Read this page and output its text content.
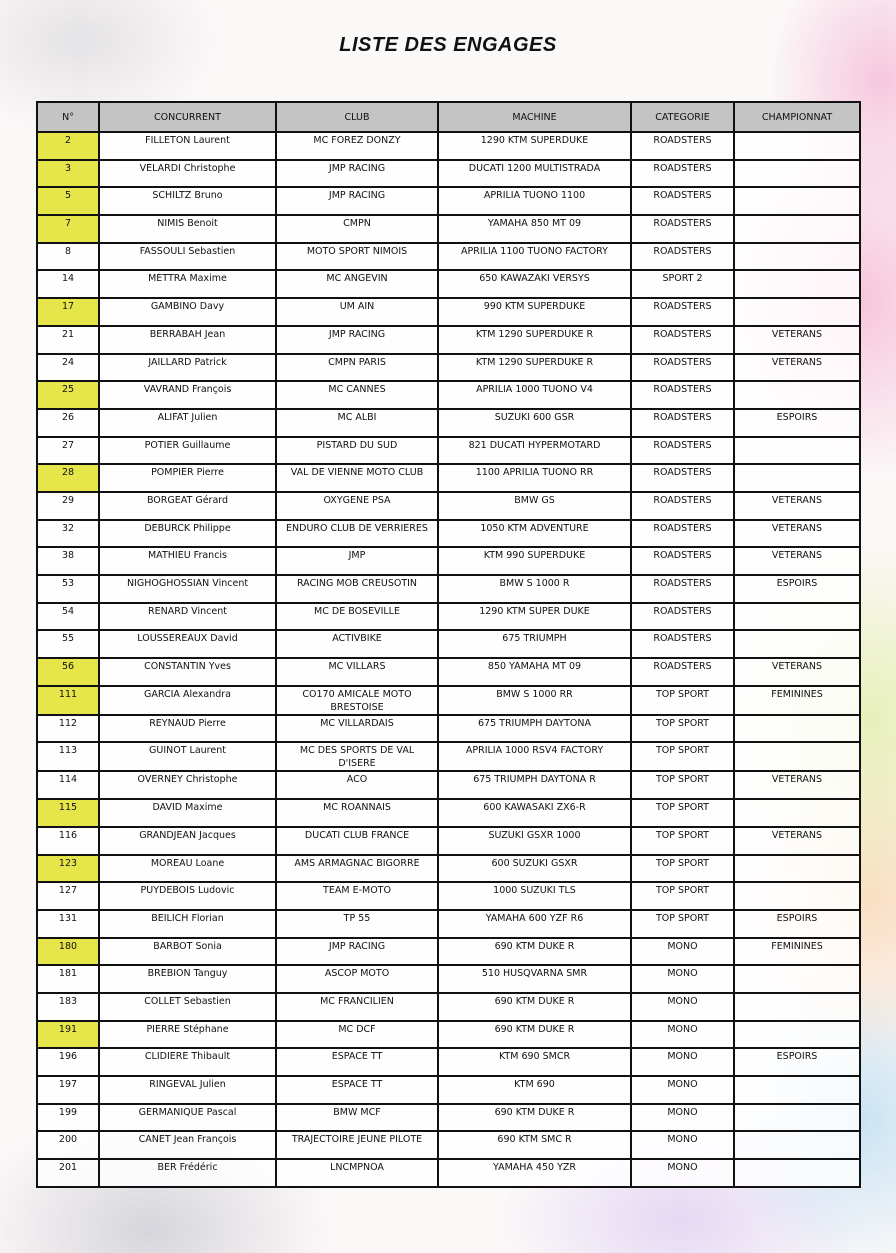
LISTE DES ENGAGES
N°	CONCURRENT	CLUB	MACHINE	CATEGORIE	CHAMPIONNAT
2	FILLETON Laurent	MC FOREZ DONZY	1290 KTM SUPERDUKE	ROADSTERS	
3	VELARDI Christophe	JMP RACING	DUCATI 1200 MULTISTRADA	ROADSTERS	
5	SCHILTZ Bruno	JMP RACING	APRILIA TUONO 1100	ROADSTERS	
7	NIMIS Benoit	CMPN	YAMAHA 850 MT 09	ROADSTERS	
8	FASSOULI Sebastien	MOTO SPORT NIMOIS	APRILIA 1100 TUONO FACTORY	ROADSTERS	
14	METTRA Maxime	MC ANGEVIN	650 KAWAZAKI VERSYS	SPORT 2	
17	GAMBINO Davy	UM AIN	990 KTM SUPERDUKE	ROADSTERS	
21	BERRABAH Jean	JMP RACING	KTM 1290 SUPERDUKE R	ROADSTERS	VETERANS
24	JAILLARD Patrick	CMPN PARIS	KTM 1290 SUPERDUKE R	ROADSTERS	VETERANS
25	VAVRAND François	MC CANNES	APRILIA 1000 TUONO V4	ROADSTERS	
26	ALIFAT Julien	MC ALBI	SUZUKI 600 GSR	ROADSTERS	ESPOIRS
27	POTIER Guillaume	PISTARD DU SUD	821 DUCATI HYPERMOTARD	ROADSTERS	
28	POMPIER Pierre	VAL DE VIENNE MOTO CLUB	1100 APRILIA TUONO RR	ROADSTERS	
29	BORGEAT Gérard	OXYGENE PSA	BMW GS	ROADSTERS	VETERANS
32	DEBURCK Philippe	ENDURO CLUB DE VERRIERES	1050 KTM ADVENTURE	ROADSTERS	VETERANS
38	MATHIEU Francis	JMP	KTM 990 SUPERDUKE	ROADSTERS	VETERANS
53	NIGHOGHOSSIAN Vincent	RACING MOB CREUSOTIN	BMW S 1000 R	ROADSTERS	ESPOIRS
54	RENARD Vincent	MC DE BOSEVILLE	1290 KTM SUPER DUKE	ROADSTERS	
55	LOUSSEREAUX David	ACTIVBIKE	675 TRIUMPH	ROADSTERS	
56	CONSTANTIN Yves	MC VILLARS	850 YAMAHA MT 09	ROADSTERS	VETERANS
111	GARCIA Alexandra	CO170 AMICALE MOTO BRESTOISE	BMW S 1000 RR	TOP SPORT	FEMININES
112	REYNAUD Pierre	MC VILLARDAIS	675 TRIUMPH DAYTONA	TOP SPORT	
113	GUINOT Laurent	MC DES SPORTS DE VAL D'ISERE	APRILIA 1000 RSV4 FACTORY	TOP SPORT	
114	OVERNEY Christophe	ACO	675 TRIUMPH DAYTONA R	TOP SPORT	VETERANS
115	DAVID Maxime	MC ROANNAIS	600 KAWASAKI ZX6-R	TOP SPORT	
116	GRANDJEAN Jacques	DUCATI CLUB FRANCE	SUZUKI GSXR 1000	TOP SPORT	VETERANS
123	MOREAU Loane	AMS ARMAGNAC BIGORRE	600 SUZUKI GSXR	TOP SPORT	
127	PUYDEBOIS Ludovic	TEAM E-MOTO	1000 SUZUKI TLS	TOP SPORT	
131	BEILICH Florian	TP 55	YAMAHA 600 YZF R6	TOP SPORT	ESPOIRS
180	BARBOT Sonia	JMP RACING	690 KTM DUKE R	MONO	FEMININES
181	BREBION Tanguy	ASCOP MOTO	510 HUSQVARNA SMR	MONO	
183	COLLET Sebastien	MC FRANCILIEN	690 KTM DUKE R	MONO	
191	PIERRE Stéphane	MC DCF	690 KTM DUKE R	MONO	
196	CLIDIERE Thibault	ESPACE TT	KTM 690 SMCR	MONO	ESPOIRS
197	RINGEVAL Julien	ESPACE TT	KTM 690	MONO	
199	GERMANIQUE Pascal	BMW MCF	690 KTM DUKE R	MONO	
200	CANET Jean François	TRAJECTOIRE JEUNE PILOTE	690 KTM SMC R	MONO	
201	BER Frédéric	LNCMPNOA	YAMAHA 450 YZR	MONO	
